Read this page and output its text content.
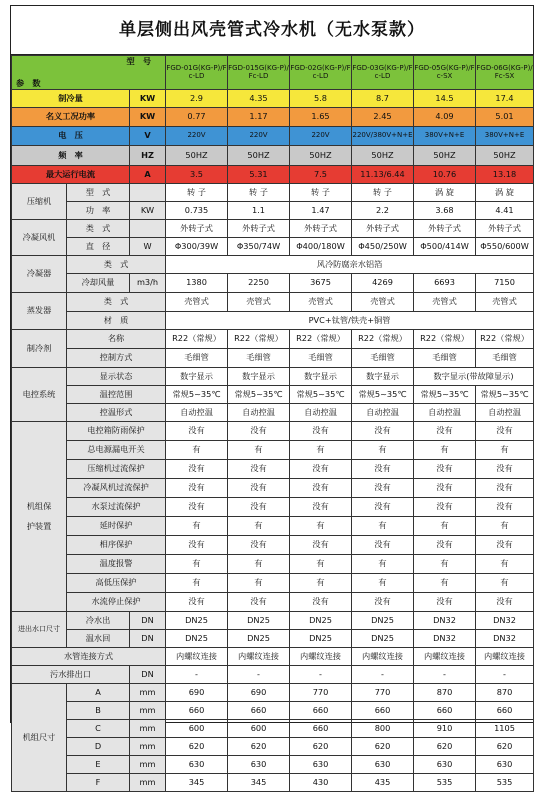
单层侧出风壳管式冷水机（无水泵款）
型　号
参　数			FGD-01G(KG-P)/Fc-LD	FGD-015G(KG-P)/Fc-LD	FGD-02G(KG-P)/Fc-LD	FGD-03G(KG-P)/Fc-LD	FGD-05G(KG-P)/Fc-SX	FGD-06G(KG-P)/Fc-SX
制冷量		KW	2.9	4.35	5.8	8.7	14.5	17.4
名义工况功率		KW	0.77	1.17	1.65	2.45	4.09	5.01
电　压		V	220V	220V	220V	220V/380V+N+E	380V+N+E	380V+N+E
频　率		HZ	50HZ	50HZ	50HZ	50HZ	50HZ	50HZ
最大运行电流		A	3.5	5.31	7.5	11.13/6.44	10.76	13.18
压缩机	型　式		转 子	转 子	转 子	转 子	涡 旋	涡 旋
	功　率	KW	0.735	1.1	1.47	2.2	3.68	4.41
冷凝风机	类　式		外转子式	外转子式	外转子式	外转子式	外转子式	外转子式
	直　径	W	Φ300/39W	Φ350/74W	Φ400/180W	Φ450/250W	Φ500/414W	Φ550/600W
冷凝器	类　式		风冷防腐亲水铝箔					
	冷却风量	m3/h	1380	2250	3675	4269	6693	7150
蒸发器	类　式		壳管式	壳管式	壳管式	壳管式	壳管式	壳管式
	材　质		PVC+钛管/铁壳+铜管					
制冷剂	名称		R22（常规）	R22（常规）	R22（常规）	R22（常规）	R22（常规）	R22（常规）
	控制方式		毛细管	毛细管	毛细管	毛细管	毛细管	毛细管
电控系统	显示状态		数字显示	数字显示	数字显示	数字显示	数字显示(带故障显示)	
	温控范围		常规5~35℃	常规5~35℃	常规5~35℃	常规5~35℃	常规5~35℃	常规5~35℃
	控温形式		自动控温	自动控温	自动控温	自动控温	自动控温	自动控温

机组保
护装置	电控箱防雨保护		没有	没有	没有	没有	没有	没有
	总电源漏电开关		有	有	有	有	有	有
	压缩机过流保护		没有	没有	没有	没有	没有	没有
	冷凝风机过流保护		没有	没有	没有	没有	没有	没有
	水泵过流保护		没有	没有	没有	没有	没有	没有
	延时保护		有	有	有	有	有	有
	相序保护		没有	没有	没有	没有	没有	没有
	温度报警		有	有	有	有	有	有
	高低压保护		有	有	有	有	有	有
	水流停止保护		没有	没有	没有	没有	没有	没有
进出水口尺寸	冷水出	DN	DN25	DN25	DN25	DN25	DN32	DN32
	温水回	DN	DN25	DN25	DN25	DN25	DN32	DN32
水管连接方式			内螺纹连接	内螺纹连接	内螺纹连接	内螺纹连接	内螺纹连接	内螺纹连接
污水排出口		DN	-	-	-	-	-	-
机组尺寸	A	mm	690	690	770	770	870	870
	B	mm	660	660	660	660	660	660
	C	mm	600	600	660	800	910	1105
	D	mm	620	620	620	620	620	620
	E	mm	630	630	630	630	630	630
	F	mm	345	345	430	435	535	535
